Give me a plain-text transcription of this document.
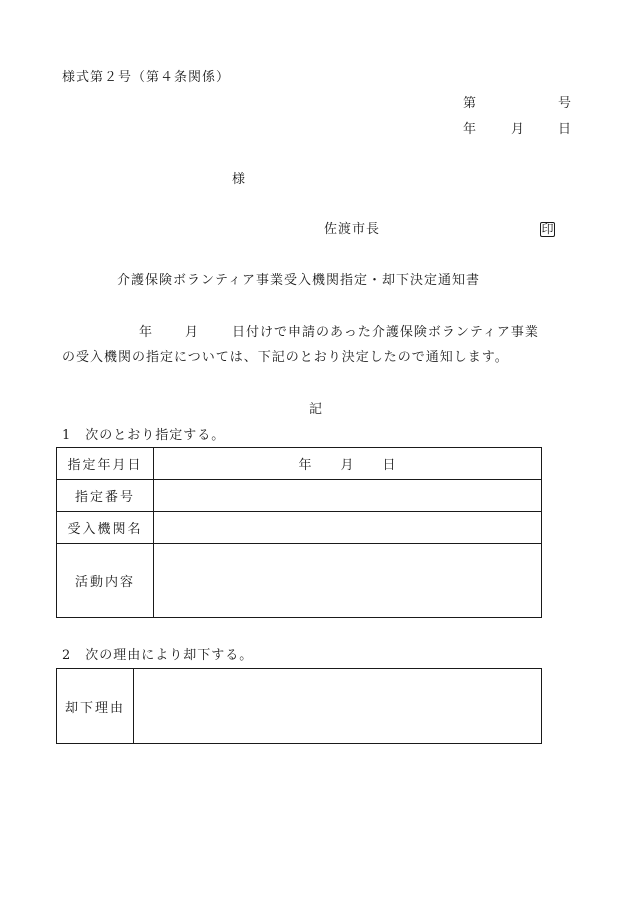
様式第２号（第４条関係）
第	号
年	月	日
様
佐渡市長	印
介護保険ボランティア事業受入機関指定・却下決定通知書
年 月	日付けで申請のあった介護保険ボランティア事業
の受入機関の指定については、下記のとおり決定したので通知します。
記
1　次のとおり指定する。
指定年月日	年　　月　　日
指定番号	
受入機関名	
活動内容	
2　次の理由により却下する。
却下理由	
